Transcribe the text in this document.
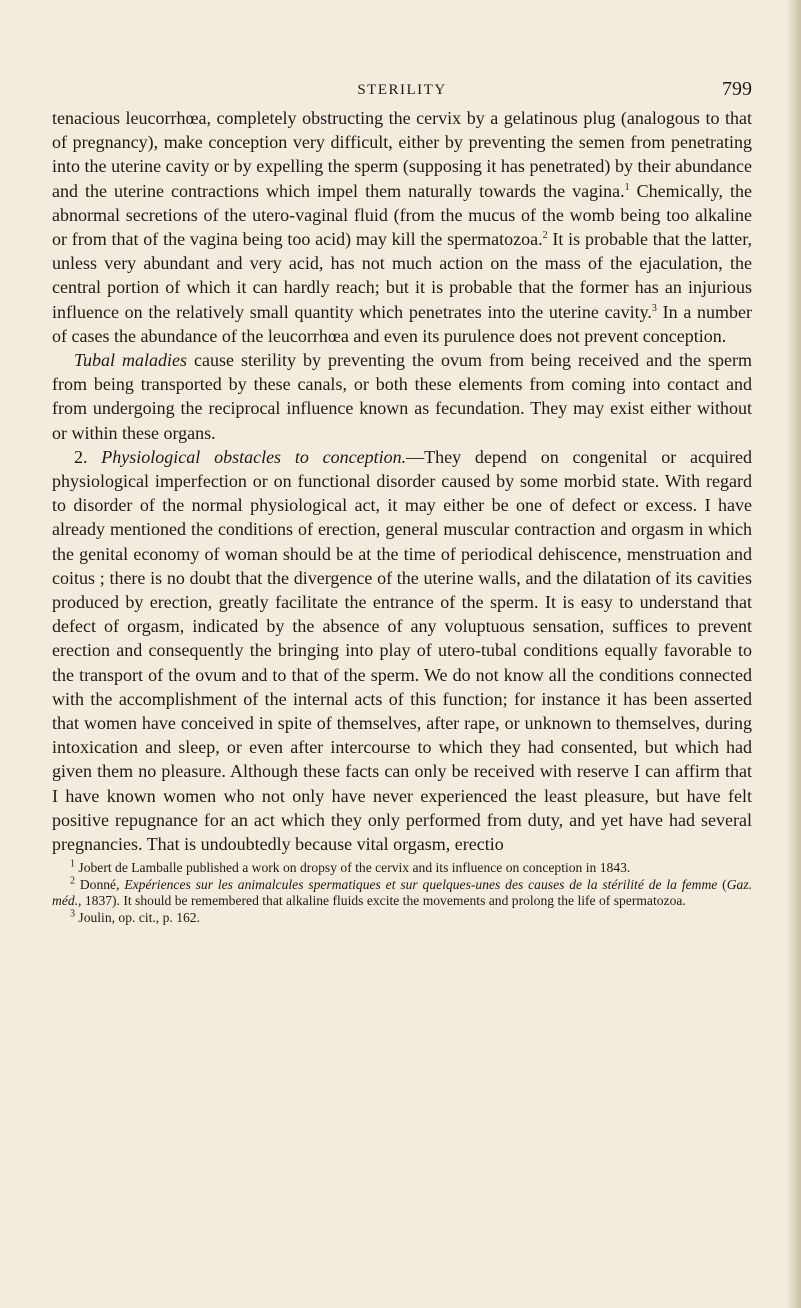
STERILITY	799

tenacious leucorrhœa, completely obstructing the cervix by a gelatinous plug (analogous to that of pregnancy), make conception very difficult, either by preventing the semen from penetrating into the uterine cavity or by expelling the sperm (supposing it has penetrated) by their abundance and the uterine contractions which impel them naturally towards the vagina.$^1$ Chemically, the abnormal secretions of the utero-vaginal fluid (from the mucus of the womb being too alkaline or from that of the vagina being too acid) may kill the spermatozoa.$^2$ It is probable that the latter, unless very abundant and very acid, has not much action on the mass of the ejaculation, the central portion of which it can hardly reach; but it is probable that the former has an injurious influence on the relatively small quantity which penetrates into the uterine cavity.$^3$ In a number of cases the abundance of the leucorrhœa and even its purulence does not prevent conception.

Tubal maladies cause sterility by preventing the ovum from being received and the sperm from being transported by these canals, or both these elements from coming into contact and from undergoing the reciprocal influence known as fecundation. They may exist either without or within these organs.

2. Physiological obstacles to conception.—They depend on congenital or acquired physiological imperfection or on functional disorder caused by some morbid state. With regard to disorder of the normal physiological act, it may either be one of defect or excess. I have already mentioned the conditions of erection, general muscular contraction and orgasm in which the genital economy of woman should be at the time of periodical dehiscence, menstruation and coitus ; there is no doubt that the divergence of the uterine walls, and the dilatation of its cavities produced by erection, greatly facilitate the entrance of the sperm. It is easy to understand that defect of orgasm, indicated by the absence of any voluptuous sensation, suffices to prevent erection and consequently the bringing into play of utero-tubal conditions equally favorable to the transport of the ovum and to that of the sperm. We do not know all the conditions connected with the accomplishment of the internal acts of this function; for instance it has been asserted that women have conceived in spite of themselves, after rape, or unknown to themselves, during intoxication and sleep, or even after intercourse to which they had consented, but which had given them no pleasure. Although these facts can only be received with reserve I can affirm that I have known women who not only have never experienced the least pleasure, but have felt positive repugnance for an act which they only performed from duty, and yet have had several pregnancies. That is undoubtedly because vital orgasm, erectio

$^1$ Jobert de Lamballe published a work on dropsy of the cervix and its influence on conception in 1843.

$^2$ Donné, Expériences sur les animalcules spermatiques et sur quelques-unes des causes de la stérilité de la femme (Gaz. méd., 1837). It should be remembered that alkaline fluids excite the movements and prolong the life of spermatozoa.

$^3$ Joulin, op. cit., p. 162.
